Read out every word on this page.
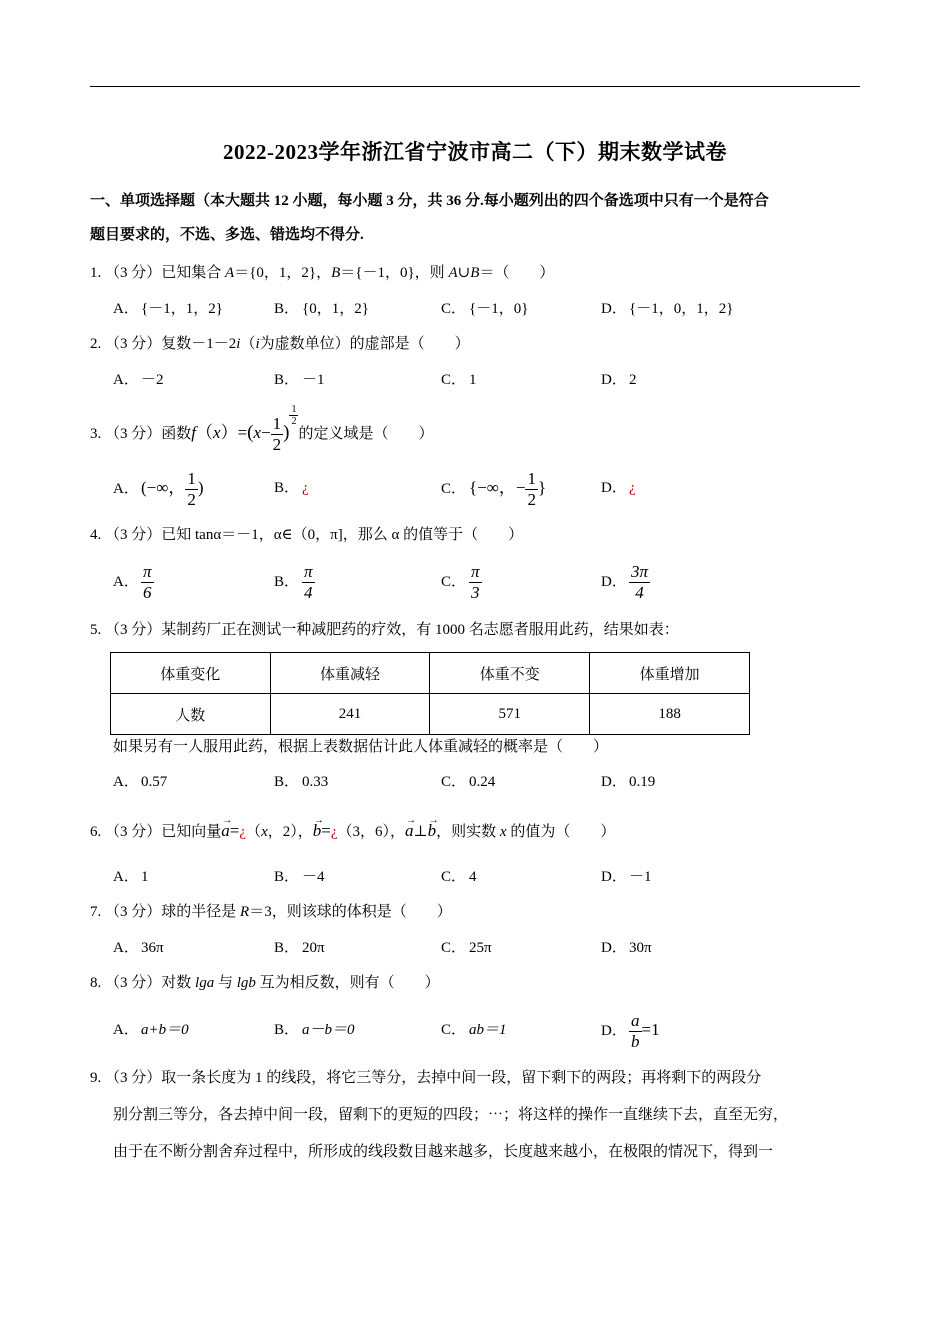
2022-2023学年浙江省宁波市高二（下）期末数学试卷
一、单项选择题（本大题共 12 小题，每小题 3 分，共 36 分.每小题列出的四个备选项中只有一个是符合
题目要求的，不选、多选、错选均不得分.
1. （3 分）已知集合 A＝{0，1，2}，B＝{－1，0}，则 A∪B＝（　　）
A． {－1，1，2}	B． {0，1，2}	C． {－1，0}	D． {－1，0，1，2}
2. （3 分）复数－1－2i（i为虚数单位）的虚部是（　　）
A． －2	B． －1	C． 1	D． 2
3. （3 分）函数$f(x)=(x- \frac{1}{2}$ )
$\frac{1}{2}$
的定义域是（　　）
A． (−∞， $\frac{1}{2}$ )	B． ¿	C． {−∞，− $\frac{1}{2}$ }	D． ¿
4. （3 分）已知 tanα＝－1，α∈（0，π]，那么 α 的值等于（　　）
A． $\frac{\pi}{6}$	B． $\frac{\pi}{4}$	C． $\frac{\pi}{3}$	D． $\frac{3\pi}{4}$
5. （3 分）某制药厂正在测试一种减肥药的疗效，有 1000 名志愿者服用此药，结果如表：
体重变化	体重减轻	体重不变	体重增加
人数	241	571	188
如果另有一人服用此药，根据上表数据估计此人体重减轻的概率是（　　）
A． 0.57	B． 0.33	C． 0.24	D． 0.19
6. （3 分）已知向量→ a=¿（x，2），→ b=¿（3，6），→ a⊥→ b，则实数 x 的值为（　　）
A． 1	B． －4	C． 4	D． －1
7. （3 分）球的半径是 R＝3，则该球的体积是（　　）
A． 36π	B． 20π	C． 25π	D． 30π
8. （3 分）对数 lga 与 lgb 互为相反数，则有（　　）
A． a+b＝0	B． a－b＝0	C． ab＝1	D． $\frac{a}{b} =1$
9. （3 分）取一条长度为 1 的线段，将它三等分，去掉中间一段，留下剩下的两段；再将剩下的两段分
别分割三等分，各去掉中间一段，留剩下的更短的四段；⋯；将这样的操作一直继续下去，直至无穷，
由于在不断分割舍弃过程中，所形成的线段数目越来越多，长度越来越小，在极限的情况下，得到一
